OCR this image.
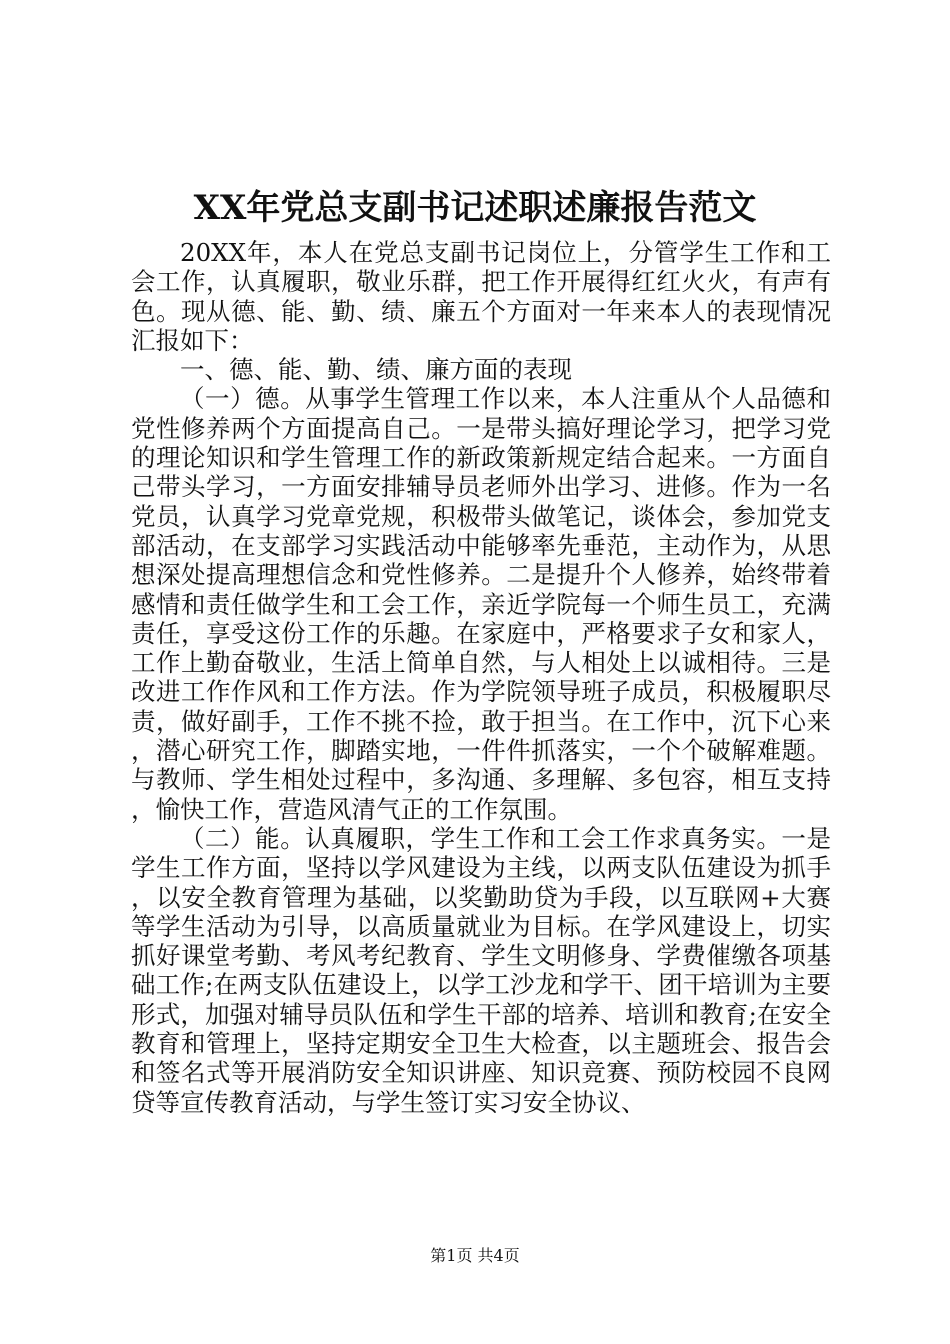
XX年党总支副书记述职述廉报告范文

20XX年，本人在党总支副书记岗位上，分管学生工作和工会工作，认真履职，敬业乐群，把工作开展得红红火火，有声有色。现从德、能、勤、绩、廉五个方面对一年来本人的表现情况汇报如下：

一、德、能、勤、绩、廉方面的表现

（一）德。从事学生管理工作以来，本人注重从个人品德和党性修养两个方面提高自己。一是带头搞好理论学习，把学习党的理论知识和学生管理工作的新政策新规定结合起来。一方面自己带头学习，一方面安排辅导员老师外出学习、进修。作为一名党员，认真学习党章党规，积极带头做笔记，谈体会，参加党支部活动，在支部学习实践活动中能够率先垂范，主动作为，从思想深处提高理想信念和党性修养。二是提升个人修养，始终带着感情和责任做学生和工会工作，亲近学院每一个师生员工，充满责任，享受这份工作的乐趣。在家庭中，严格要求子女和家人，工作上勤奋敬业，生活上简单自然，与人相处上以诚相待。三是改进工作作风和工作方法。作为学院领导班子成员，积极履职尽责，做好副手，工作不挑不捡，敢于担当。在工作中，沉下心来，潜心研究工作，脚踏实地，一件件抓落实，一个个破解难题。与教师、学生相处过程中，多沟通、多理解、多包容，相互支持，愉快工作，营造风清气正的工作氛围。

（二）能。认真履职，学生工作和工会工作求真务实。一是学生工作方面，坚持以学风建设为主线，以两支队伍建设为抓手，以安全教育管理为基础，以奖勤助贷为手段，以互联网+大赛等学生活动为引导，以高质量就业为目标。在学风建设上，切实抓好课堂考勤、考风考纪教育、学生文明修身、学费催缴各项基础工作;在两支队伍建设上，以学工沙龙和学干、团干培训为主要形式，加强对辅导员队伍和学生干部的培养、培训和教育;在安全教育和管理上，坚持定期安全卫生大检查，以主题班会、报告会和签名式等开展消防安全知识讲座、知识竞赛、预防校园不良网贷等宣传教育活动，与学生签订实习安全协议、

第1页 共4页
